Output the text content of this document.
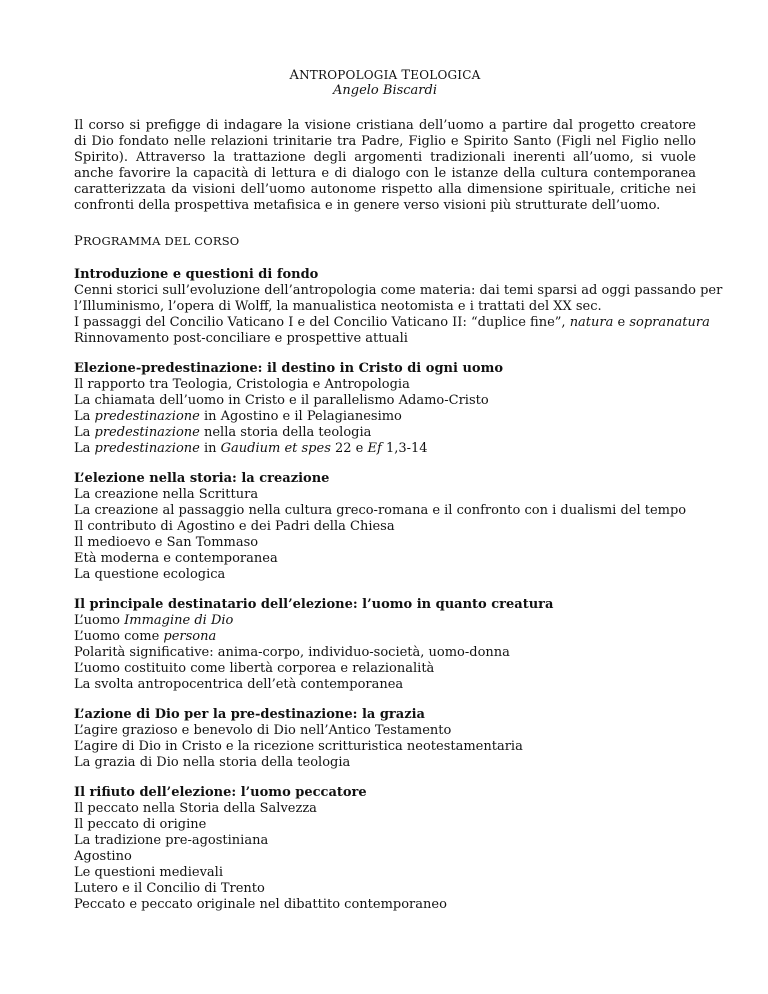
ANTROPOLOGIA TEOLOGICA
Angelo Biscardi
Il corso si prefigge di indagare la visione cristiana dell’uomo a partire dal progetto creatore di Dio fondato nelle relazioni trinitarie tra Padre, Figlio e Spirito Santo (Figli nel Figlio nello Spirito). Attraverso la trattazione degli argomenti tradizionali inerenti all’uomo, si vuole anche favorire la capacità di lettura e di dialogo con le istanze della cultura contemporanea caratterizzata da visioni dell’uomo autonome rispetto alla dimensione spirituale, critiche nei confronti della prospettiva metafisica e in genere verso visioni più strutturate dell’uomo.
PROGRAMMA DEL CORSO
Introduzione e questioni di fondo
Cenni storici sull’evoluzione dell’antropologia come materia: dai temi sparsi ad oggi passando per
l’Illuminismo, l’opera di Wolff, la manualistica neotomista e i trattati del XX sec.
I passaggi del Concilio Vaticano I e del Concilio Vaticano II: “duplice fine”, natura e sopranatura
Rinnovamento post-conciliare e prospettive attuali
Elezione-predestinazione: il destino in Cristo di ogni uomo
Il rapporto tra Teologia, Cristologia e Antropologia
La chiamata dell’uomo in Cristo e il parallelismo Adamo-Cristo
La predestinazione in Agostino e il Pelagianesimo
La predestinazione nella storia della teologia
La predestinazione in Gaudium et spes 22 e Ef 1,3-14
L’elezione nella storia: la creazione
La creazione nella Scrittura
La creazione al passaggio nella cultura greco-romana e il confronto con i dualismi del tempo
Il contributo di Agostino e dei Padri della Chiesa
Il medioevo e San Tommaso
Età moderna e contemporanea
La questione ecologica
Il principale destinatario dell’elezione: l’uomo in quanto creatura
L’uomo Immagine di Dio
L’uomo come persona
Polarità significative: anima-corpo, individuo-società, uomo-donna
L’uomo costituito come libertà corporea e relazionalità
La svolta antropocentrica dell’età contemporanea
L’azione di Dio per la pre-destinazione: la grazia
L’agire grazioso e benevolo di Dio nell’Antico Testamento
L’agire di Dio in Cristo e la ricezione scritturistica neotestamentaria
La grazia di Dio nella storia della teologia
Il rifiuto dell’elezione: l’uomo peccatore
Il peccato nella Storia della Salvezza
Il peccato di origine
La tradizione pre-agostiniana
Agostino
Le questioni medievali
Lutero e il Concilio di Trento
Peccato e peccato originale nel dibattito contemporaneo
